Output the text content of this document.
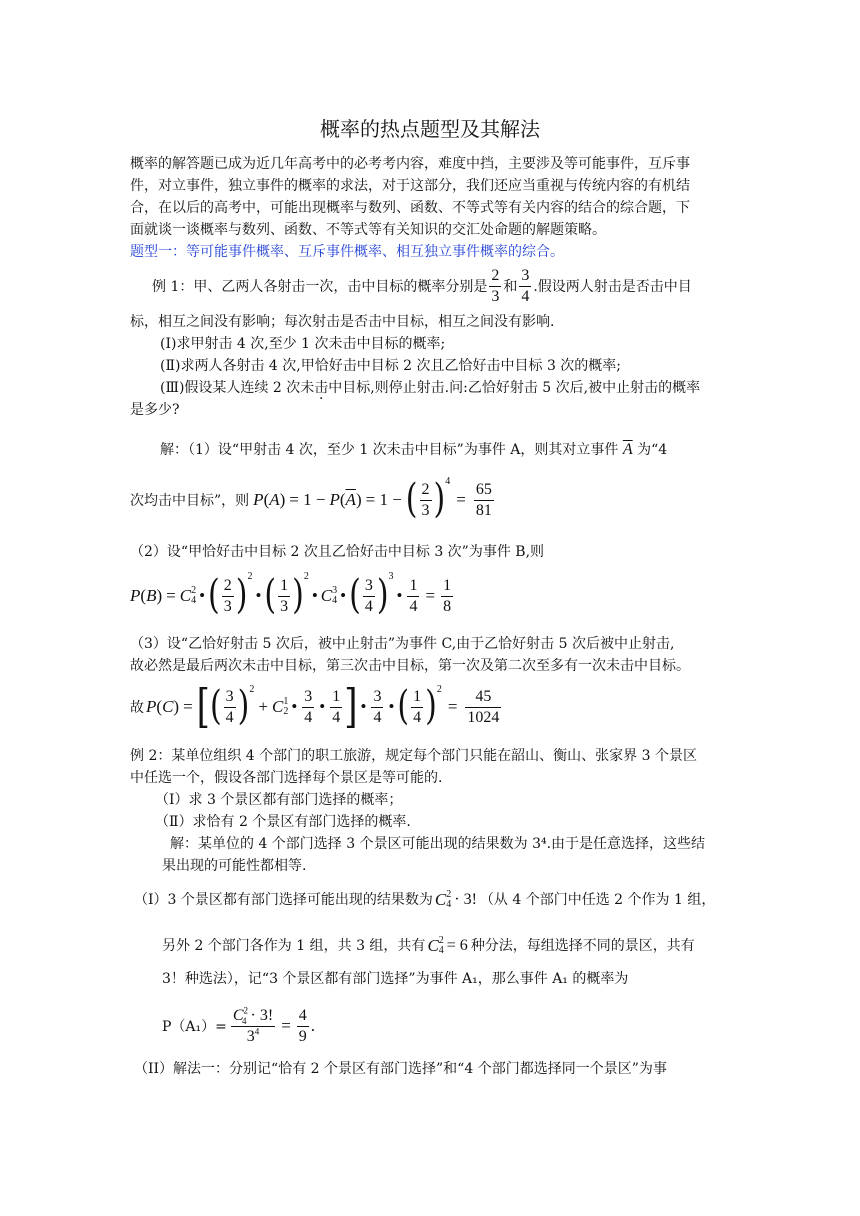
概率的热点题型及其解法
概率的解答题已成为近几年高考中的必考考内容，难度中挡，主要涉及等可能事件，互斥事
件，对立事件，独立事件的概率的求法，对于这部分，我们还应当重视与传统内容的有机结
合，在以后的高考中，可能出现概率与数列、函数、不等式等有关内容的结合的综合题，下
面就谈一谈概率与数列、函数、不等式等有关知识的交汇处命题的解题策略。
题型一：等可能事件概率、互斥事件概率、相互独立事件概率的综合。
例 1：甲、乙两人各射击一次，击中目标的概率分别是 $\frac{2}{3}$ 和 $\frac{3}{4}$ .假设两人射击是否击中目
标，相互之间没有影响；每次射击是否击中目标，相互之间没有影响.
(Ⅰ)求甲射击 4 次,至少 1 次未击中目标的概率;
(Ⅱ)求两人各射击 4 次,甲恰好击中目标 2 次且乙恰好击中目标 3 次的概率;
(Ⅲ)假设某人连续 2 次未击中目标,则停止射击.问:乙恰好射击 5 次后,被中止射击的概率
是多少?
解：（1）设“甲射击 4 次，至少 1 次未击中目标”为事件 A，则其对立事件 $\overline{A}$ 为“4
次均击中目标”，则 P ( A ) = 1 − P ( $\overline{A}$ ) = 1 − ( $\frac{2}{3}$ ) 4
= $\frac{65}{81}$
（2）设“甲恰好击中目标 2 次且乙恰好击中目标 3 次”为事件 B,则
P ( B ) = C 2
4 • ( $\frac{2}{3}$ ) 2
• ( $\frac{1}{3}$ ) 2
• C 3
4 • ( $\frac{3}{4}$ ) 3
• $\frac{1}{4} = \frac{1}{8}$
（3）设“乙恰好射击 5 次后，被中止射击”为事件 C,由于乙恰好射击 5 次后被中止射击,
故必然是最后两次未击中目标，第三次击中目标，第一次及第二次至多有一次未击中目标。
故 P ( C ) = [ ( $\frac{3}{4}$ ) 2
+ C 1
2 • $\frac{3}{4}$ • $\frac{1}{4}$ ] • $\frac{3}{4}$ • ( $\frac{1}{4}$ ) 2
= $\frac{45}{1024}$
例 2：某单位组织 4 个部门的职工旅游，规定每个部门只能在韶山、衡山、张家界 3 个景区
中任选一个，假设各部门选择每个景区是等可能的.
（Ⅰ）求 3 个景区都有部门选择的概率；
（Ⅱ）求恰有 2 个景区有部门选择的概率.
解：某单位的 4 个部门选择 3 个景区可能出现的结果数为 3⁴.由于是任意选择，这些结
果出现的可能性都相等.
（I）3 个景区都有部门选择可能出现的结果数为 C 2
4 · 3! （从 4 个部门中任选 2 个作为 1 组，
另外 2 个部门各作为 1 组，共 3 组，共有 C 2
4 = 6 种分法，每组选择不同的景区，共有
3！种选法），记“3 个景区都有部门选择”为事件 A₁，那么事件 A₁ 的概率为
$P(A_1)= \frac{C^2_4 \cdot 3!}{3^4} = \frac{4}{9}$ .
（II）解法一：分别记“恰有 2 个景区有部门选择”和“4 个部门都选择同一个景区”为事
